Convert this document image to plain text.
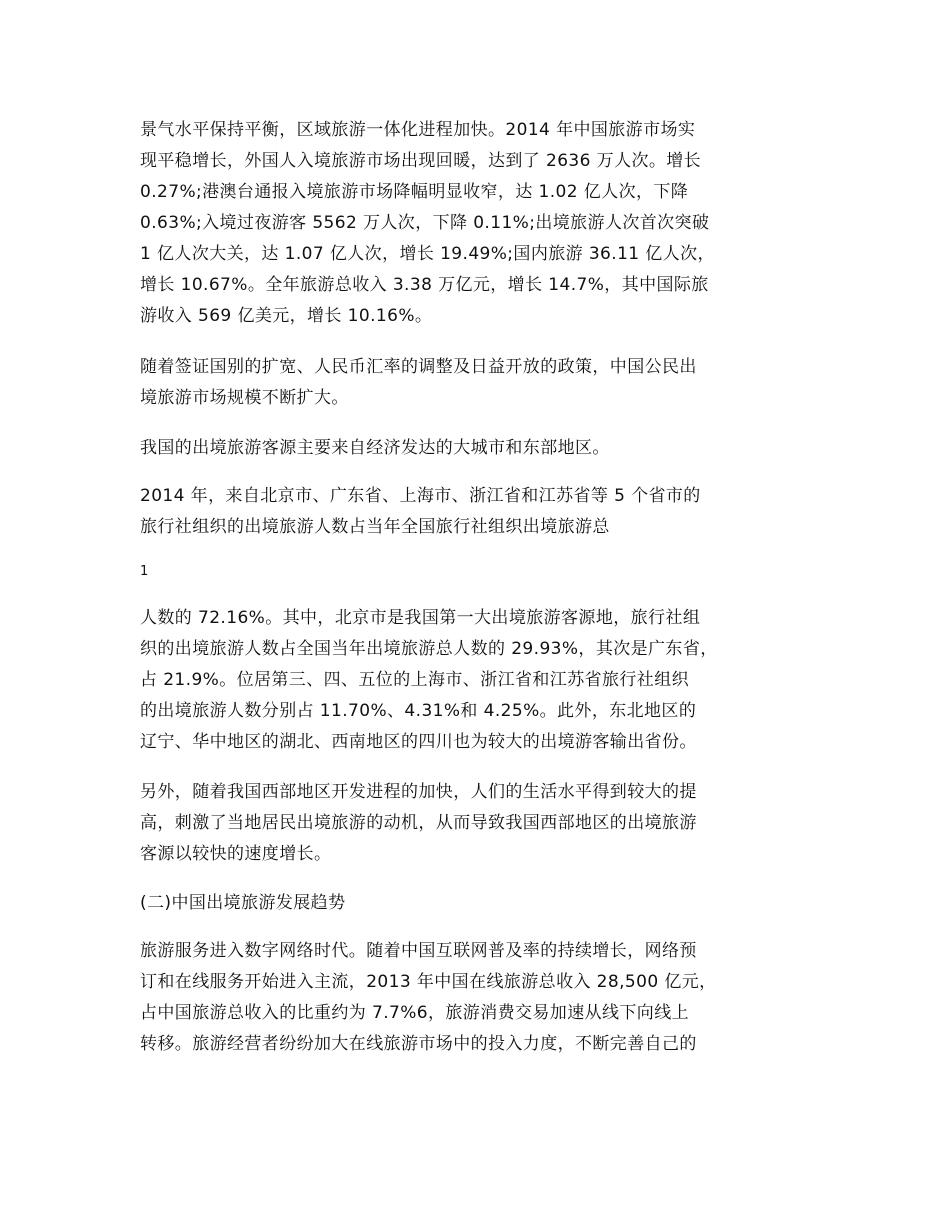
景气水平保持平衡，区域旅游一体化进程加快。2014 年中国旅游市场实
现平稳增长，外国人入境旅游市场出现回暖，达到了 2636 万人次。增长
0.27%;港澳台通报入境旅游市场降幅明显收窄，达 1.02 亿人次，下降
0.63%;入境过夜游客 5562 万人次，下降 0.11%;出境旅游人次首次突破
1 亿人次大关，达 1.07 亿人次，增长 19.49%;国内旅游 36.11 亿人次，
增长 10.67%。全年旅游总收入 3.38 万亿元，增长 14.7%，其中国际旅
游收入 569 亿美元，增长 10.16%。
随着签证国别的扩宽、人民币汇率的调整及日益开放的政策，中国公民出
境旅游市场规模不断扩大。
我国的出境旅游客源主要来自经济发达的大城市和东部地区。
2014 年，来自北京市、广东省、上海市、浙江省和江苏省等 5 个省市的
旅行社组织的出境旅游人数占当年全国旅行社组织出境旅游总
1
人数的 72.16%。其中，北京市是我国第一大出境旅游客源地，旅行社组
织的出境旅游人数占全国当年出境旅游总人数的 29.93%，其次是广东省，
占 21.9%。位居第三、四、五位的上海市、浙江省和江苏省旅行社组织
的出境旅游人数分别占 11.70%、4.31%和 4.25%。此外，东北地区的
辽宁、华中地区的湖北、西南地区的四川也为较大的出境游客输出省份。
另外，随着我国西部地区开发进程的加快，人们的生活水平得到较大的提
高，刺激了当地居民出境旅游的动机，从而导致我国西部地区的出境旅游
客源以较快的速度增长。
(二)中国出境旅游发展趋势
旅游服务进入数字网络时代。随着中国互联网普及率的持续增长，网络预
订和在线服务开始进入主流，2013 年中国在线旅游总收入 28,500 亿元，
占中国旅游总收入的比重约为 7.7%6，旅游消费交易加速从线下向线上
转移。旅游经营者纷纷加大在线旅游市场中的投入力度，不断完善自己的
